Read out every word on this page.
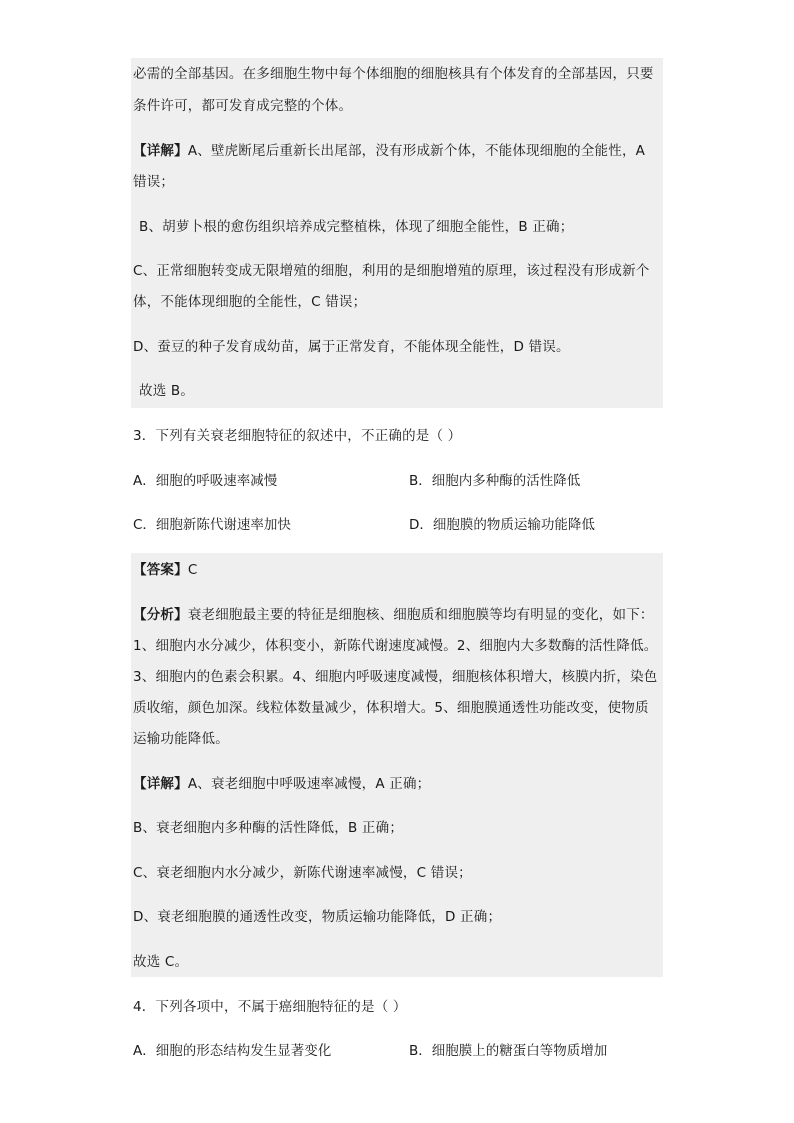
必需的全部基因。在多细胞生物中每个体细胞的细胞核具有个体发育的全部基因，只要
条件许可，都可发育成完整的个体。
【详解】A、壁虎断尾后重新长出尾部，没有形成新个体，不能体现细胞的全能性，A
错误；
B、胡萝卜根的愈伤组织培养成完整植株，体现了细胞全能性，B 正确；
C、正常细胞转变成无限增殖的细胞，利用的是细胞增殖的原理，该过程没有形成新个
体，不能体现细胞的全能性，C 错误；
D、蚕豆的种子发育成幼苗，属于正常发育，不能体现全能性，D 错误。
故选 B。
3．下列有关衰老细胞特征的叙述中，不正确的是（ ）
A．细胞的呼吸速率减慢	B．细胞内多种酶的活性降低
C．细胞新陈代谢速率加快	D．细胞膜的物质运输功能降低
【答案】C
【分析】衰老细胞最主要的特征是细胞核、细胞质和细胞膜等均有明显的变化，如下：
1、细胞内水分减少，体积变小，新陈代谢速度减慢。2、细胞内大多数酶的活性降低。
3、细胞内的色素会积累。4、细胞内呼吸速度减慢，细胞核体积增大，核膜内折，染色
质收缩，颜色加深。线粒体数量减少，体积增大。5、细胞膜通透性功能改变，使物质
运输功能降低。
【详解】A、衰老细胞中呼吸速率减慢，A 正确；
B、衰老细胞内多种酶的活性降低，B 正确；
C、衰老细胞内水分减少，新陈代谢速率减慢，C 错误；
D、衰老细胞膜的通透性改变，物质运输功能降低，D 正确；
故选 C。
4．下列各项中，不属于癌细胞特征的是（ ）
A．细胞的形态结构发生显著变化	B．细胞膜上的糖蛋白等物质增加
